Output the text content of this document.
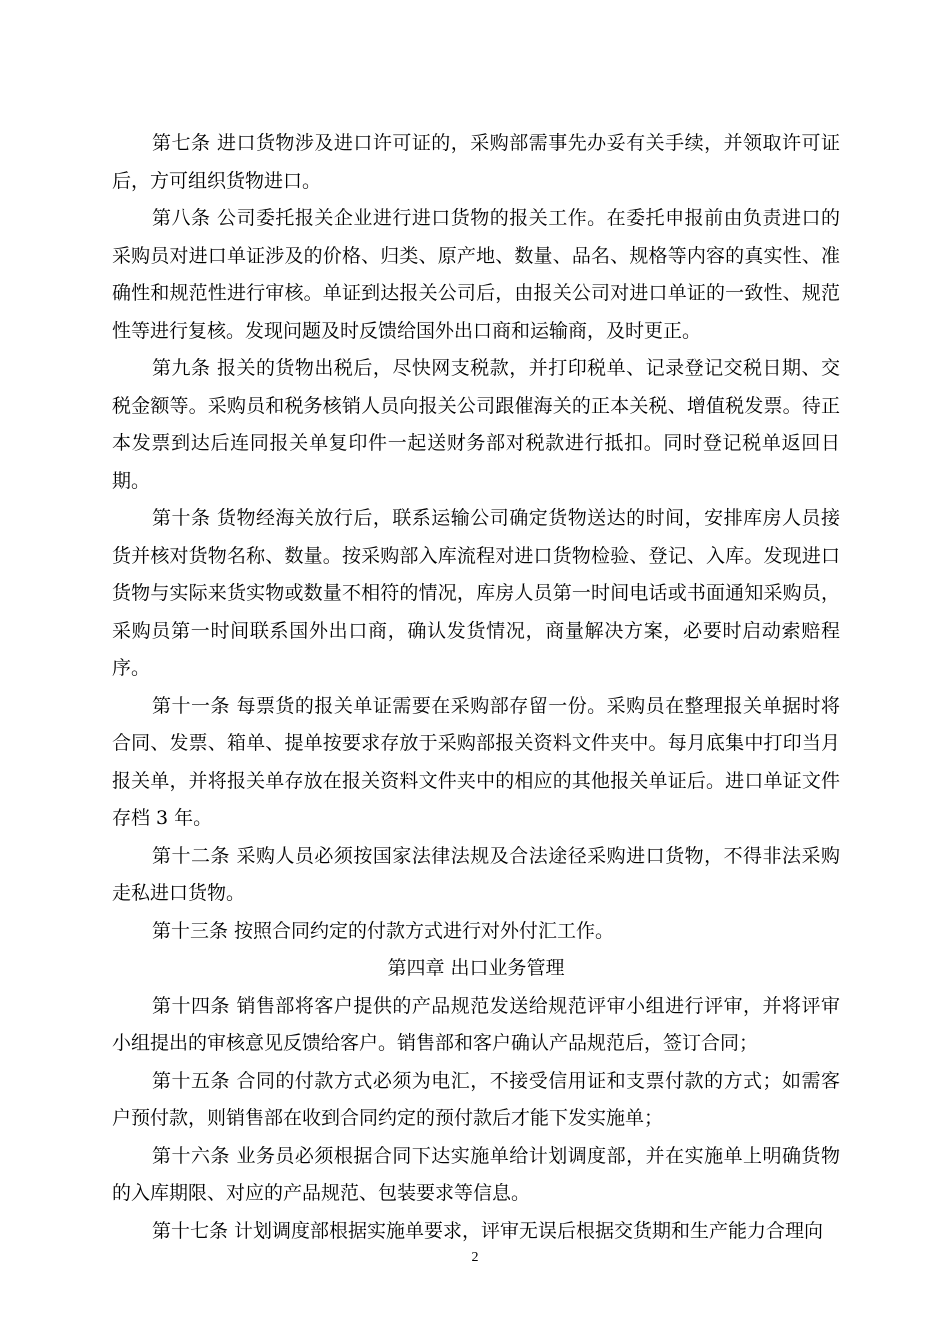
第七条 进口货物涉及进口许可证的，采购部需事先办妥有关手续，并领取许可证后，方可组织货物进口。

第八条 公司委托报关企业进行进口货物的报关工作。在委托申报前由负责进口的采购员对进口单证涉及的价格、归类、原产地、数量、品名、规格等内容的真实性、准确性和规范性进行审核。单证到达报关公司后，由报关公司对进口单证的一致性、规范性等进行复核。发现问题及时反馈给国外出口商和运输商，及时更正。

第九条 报关的货物出税后，尽快网支税款，并打印税单、记录登记交税日期、交税金额等。采购员和税务核销人员向报关公司跟催海关的正本关税、增值税发票。待正本发票到达后连同报关单复印件一起送财务部对税款进行抵扣。同时登记税单返回日期。

第十条 货物经海关放行后，联系运输公司确定货物送达的时间，安排库房人员接货并核对货物名称、数量。按采购部入库流程对进口货物检验、登记、入库。发现进口货物与实际来货实物或数量不相符的情况，库房人员第一时间电话或书面通知采购员，采购员第一时间联系国外出口商，确认发货情况，商量解决方案，必要时启动索赔程序。

第十一条 每票货的报关单证需要在采购部存留一份。采购员在整理报关单据时将合同、发票、箱单、提单按要求存放于采购部报关资料文件夹中。每月底集中打印当月报关单，并将报关单存放在报关资料文件夹中的相应的其他报关单证后。进口单证文件存档 3 年。

第十二条 采购人员必须按国家法律法规及合法途径采购进口货物，不得非法采购走私进口货物。

第十三条 按照合同约定的付款方式进行对外付汇工作。

第四章 出口业务管理

第十四条 销售部将客户提供的产品规范发送给规范评审小组进行评审，并将评审小组提出的审核意见反馈给客户。销售部和客户确认产品规范后，签订合同；

第十五条 合同的付款方式必须为电汇，不接受信用证和支票付款的方式；如需客户预付款，则销售部在收到合同约定的预付款后才能下发实施单；

第十六条 业务员必须根据合同下达实施单给计划调度部，并在实施单上明确货物的入库期限、对应的产品规范、包装要求等信息。

第十七条 计划调度部根据实施单要求，评审无误后根据交货期和生产能力合理向

2
